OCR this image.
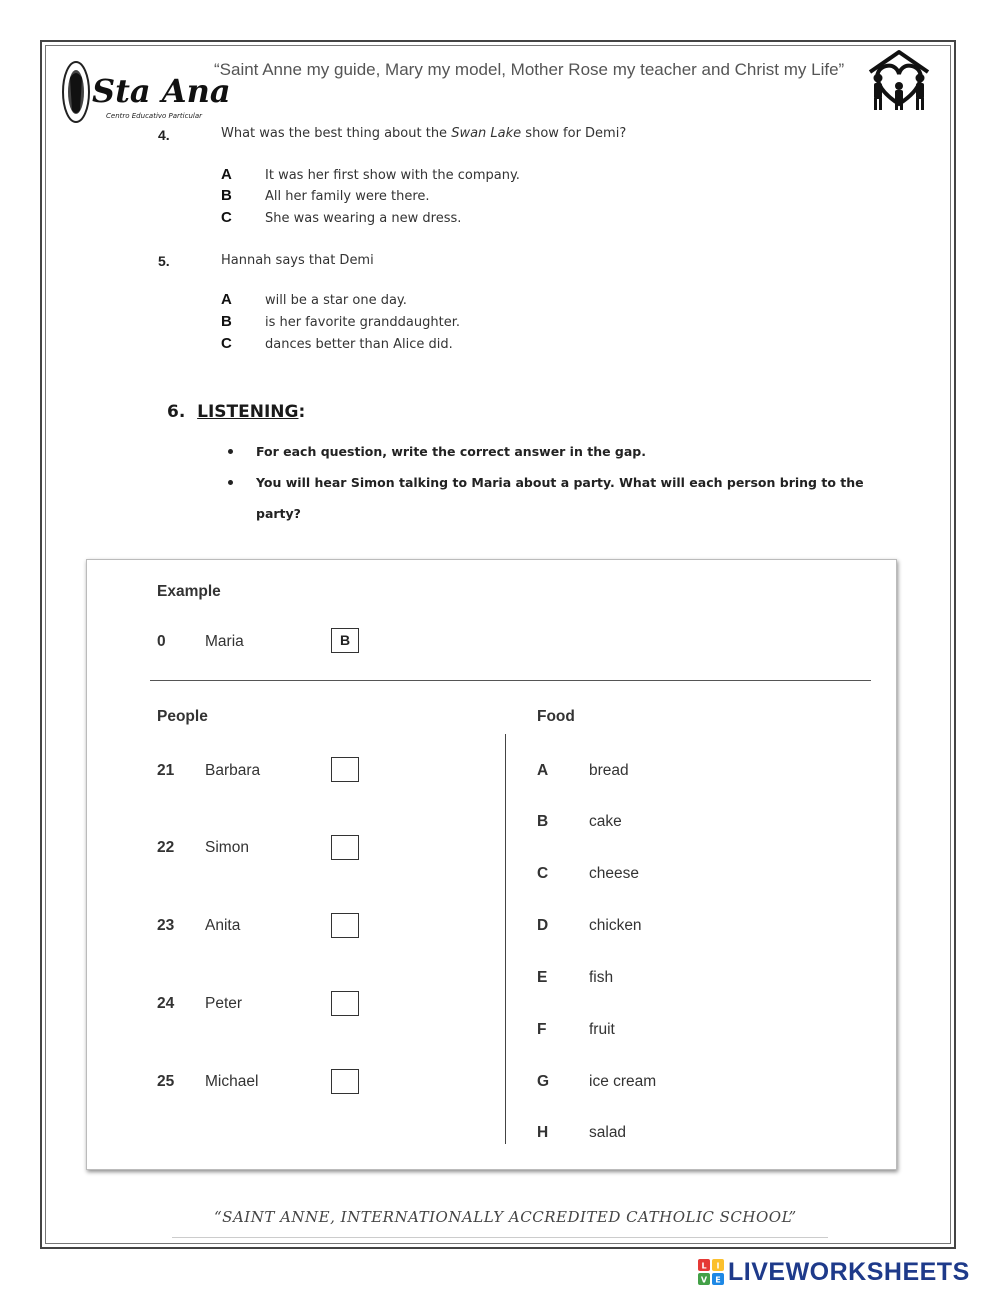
Sta Ana
Centro Educativo Particular
“Saint Anne my guide, Mary my model, Mother Rose my teacher and Christ my Life”
4.	What was the best thing about the Swan Lake show for Demi?
A	It was her first show with the company.
B	All her family were there.
C	She was wearing a new dress.
5.	Hannah says that Demi
A	will be a star one day.
B	is her favorite granddaughter.
C	dances better than Alice did.
6. LISTENING:
For each question, write the correct answer in the gap.
You will hear Simon talking to Maria about a party. What will each person bring to the
party?
Example
0	Maria	B
People	Food
21 Barbara
22 Simon
23 Anita
24 Peter
25 Michael
A	bread
B	cake
C	cheese
D	chicken
E	fish
F	fruit
G	ice cream
H	salad
“SAINT ANNE, INTERNATIONALLY ACCREDITED CATHOLIC SCHOOL”
L I
V E LIVEWORKSHEETS
